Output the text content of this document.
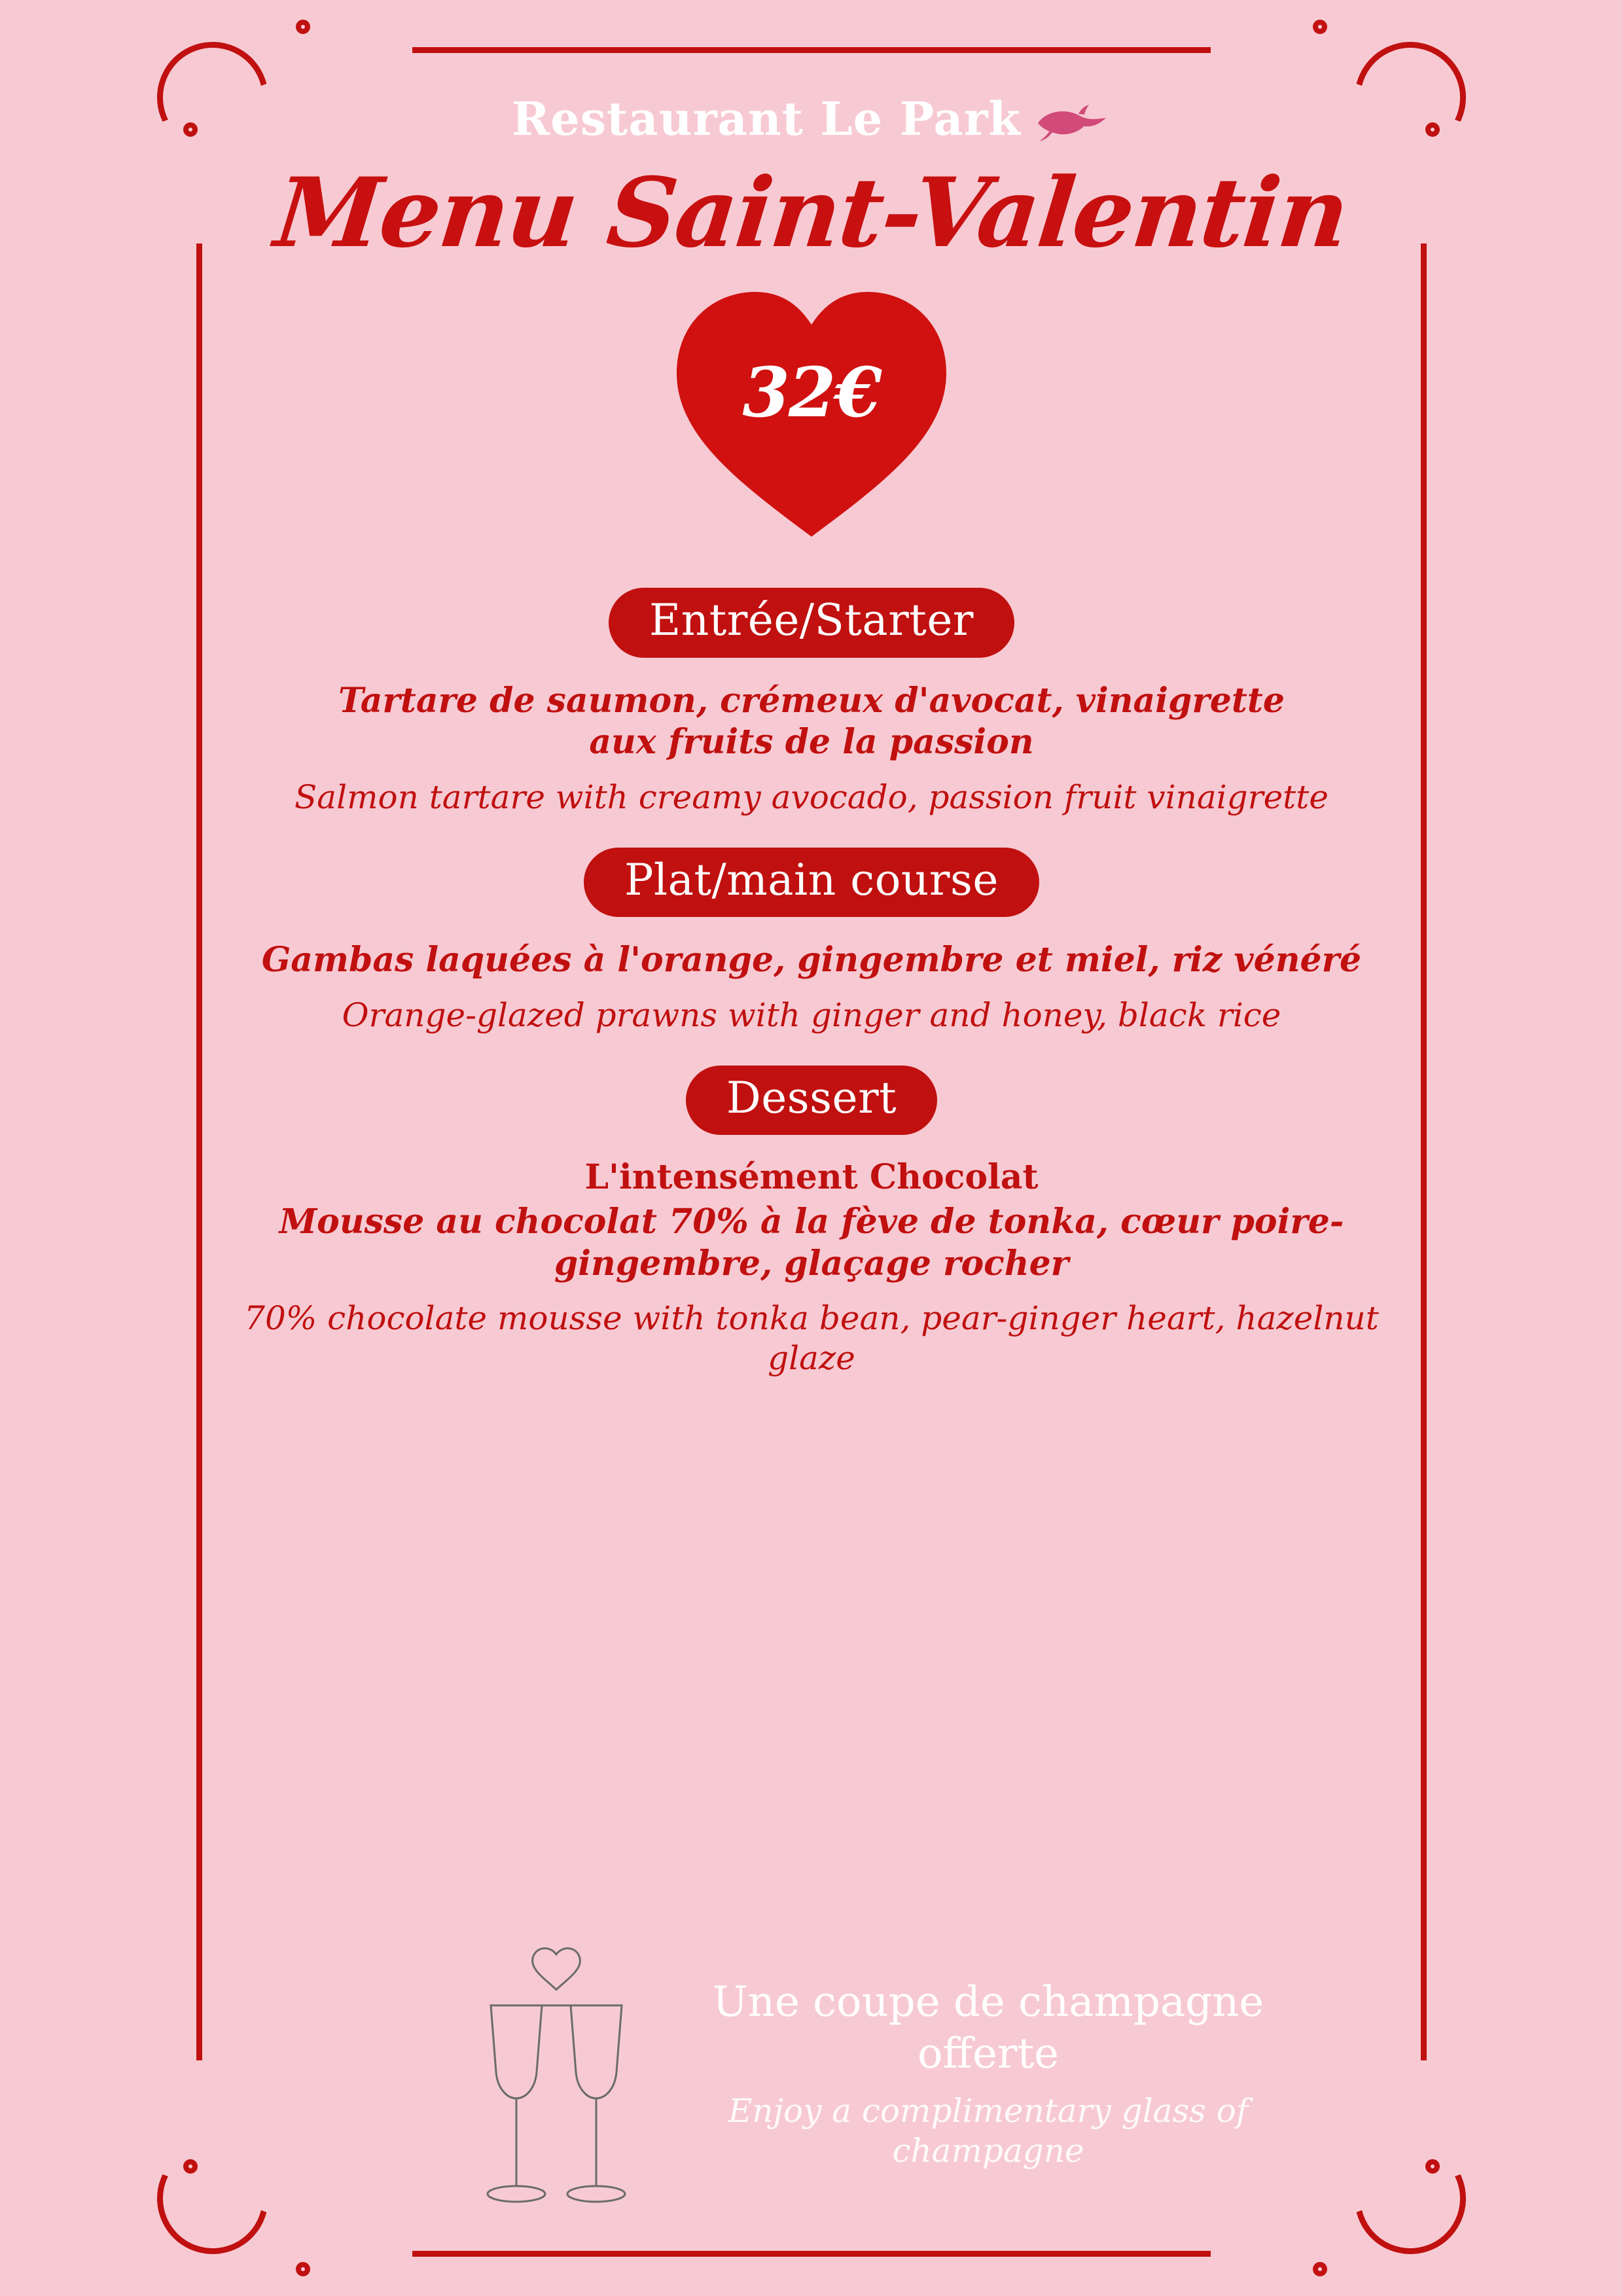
Restaurant Le Park
Menu Saint-Valentin
32€
Entrée/Starter
Tartare de saumon, crémeux d'avocat, vinaigrette aux fruits de la passion
Salmon tartare with creamy avocado, passion fruit vinaigrette
Plat/main course
Gambas laquées à l'orange, gingembre et miel, riz vénéré
Orange-glazed prawns with ginger and honey, black rice
Dessert
L'intensément Chocolat
Mousse au chocolat 70% à la fève de tonka, cœur poire-gingembre, glaçage rocher
70% chocolate mousse with tonka bean, pear-ginger heart, hazelnut glaze
Une coupe de champagne offerte
Enjoy a complimentary glass of champagne
